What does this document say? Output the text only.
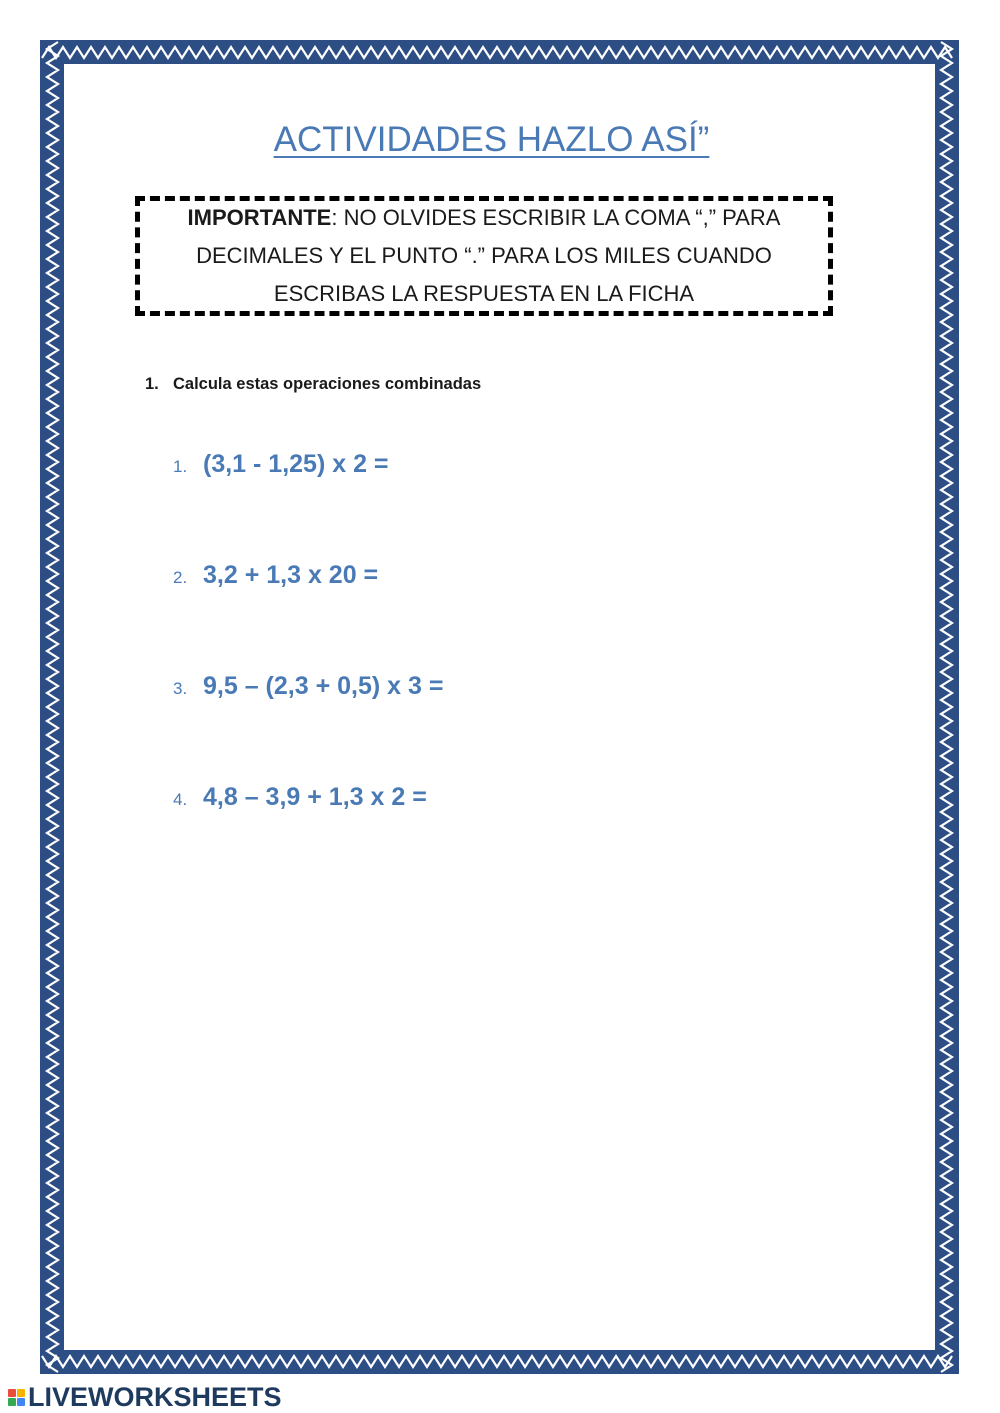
ACTIVIDADES HAZLO ASÍ”
IMPORTANTE: NO OLVIDES ESCRIBIR LA COMA “,” PARA DECIMALES Y EL PUNTO “.” PARA LOS MILES CUANDO ESCRIBAS LA RESPUESTA EN LA FICHA
1. Calcula estas operaciones combinadas
1. (3,1 - 1,25) x 2 =
2. 3,2 + 1,3 x 20 =
3. 9,5 – (2,3 + 0,5) x 3 =
4. 4,8 – 3,9 + 1,3 x 2 =
LIVEWORKSHEETS
